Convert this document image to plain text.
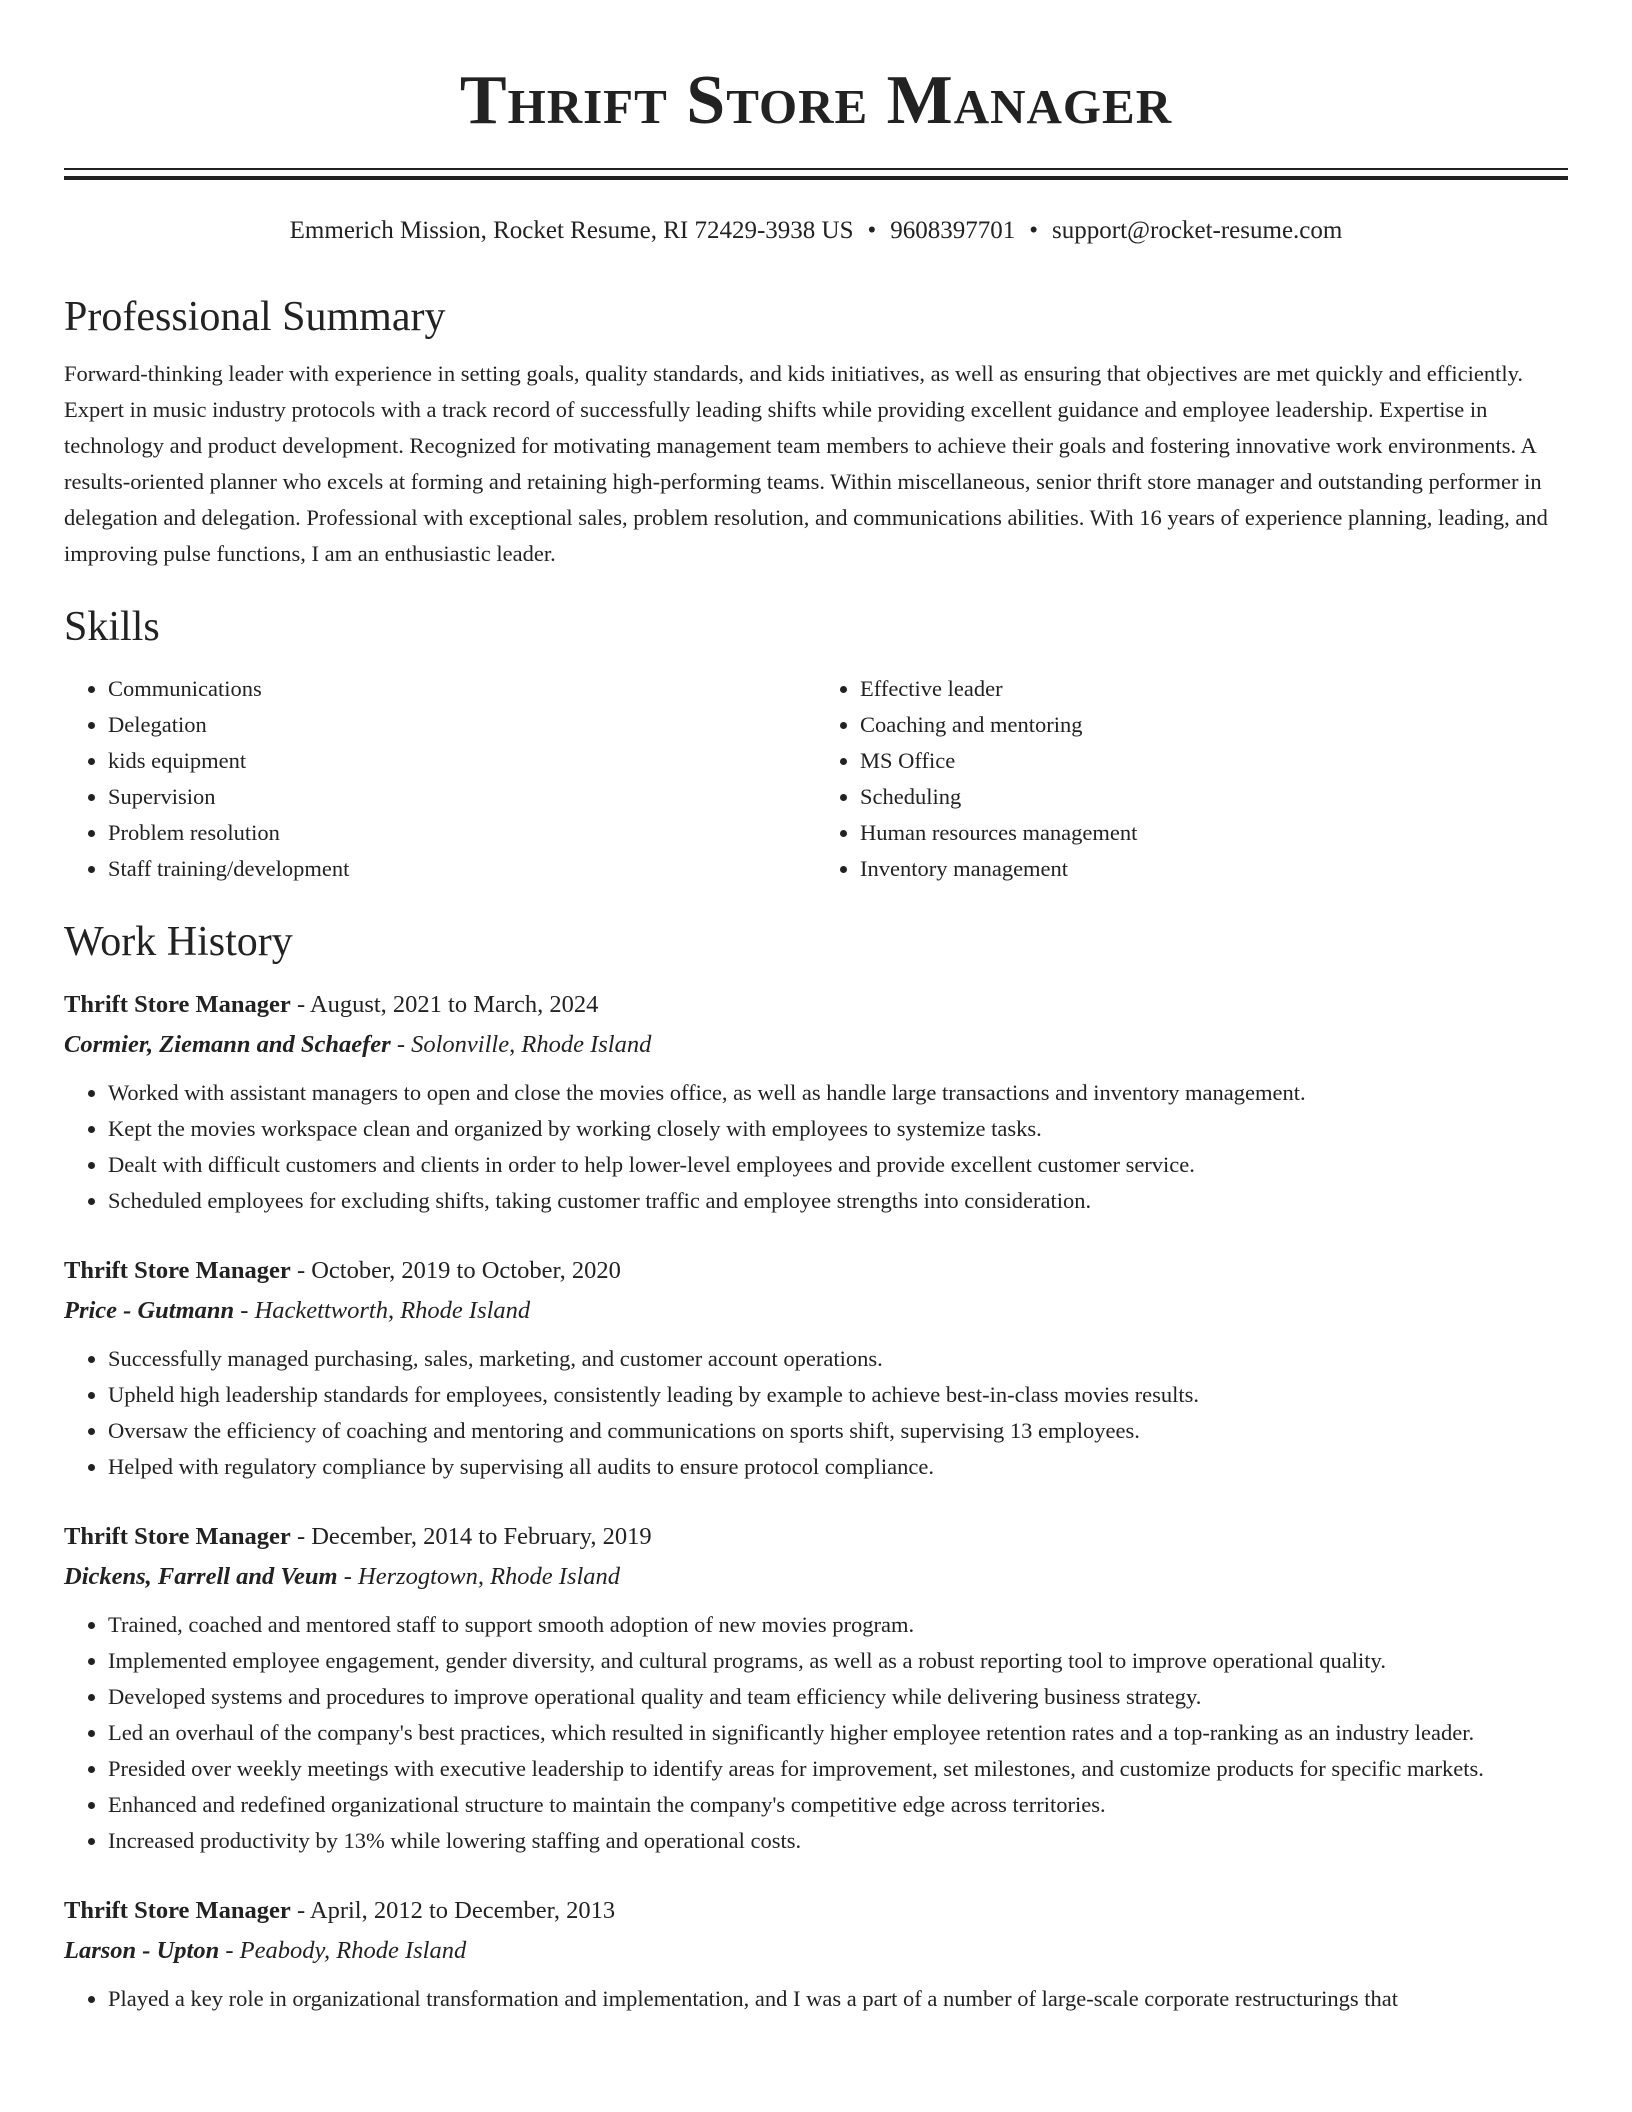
Thrift Store Manager
Emmerich Mission, Rocket Resume, RI 72429-3938 US • 9608397701 • support@rocket-resume.com
Professional Summary

Forward-thinking leader with experience in setting goals, quality standards, and kids initiatives, as well as ensuring that objectives are met quickly and efficiently. Expert in music industry protocols with a track record of successfully leading shifts while providing excellent guidance and employee leadership. Expertise in technology and product development. Recognized for motivating management team members to achieve their goals and fostering innovative work environments. A results-oriented planner who excels at forming and retaining high-performing teams. Within miscellaneous, senior thrift store manager and outstanding performer in delegation and delegation. Professional with exceptional sales, problem resolution, and communications abilities. With 16 years of experience planning, leading, and improving pulse functions, I am an enthusiastic leader.

Skills
• Communications
• Delegation
• kids equipment
• Supervision
• Problem resolution
• Staff training/development
• Effective leader
• Coaching and mentoring
• MS Office
• Scheduling
• Human resources management
• Inventory management
Work History
Thrift Store Manager - August, 2021 to March, 2024
Cormier, Ziemann and Schaefer - Solonville, Rhode Island
• Worked with assistant managers to open and close the movies office, as well as handle large transactions and inventory management.
• Kept the movies workspace clean and organized by working closely with employees to systemize tasks.
• Dealt with difficult customers and clients in order to help lower-level employees and provide excellent customer service.
• Scheduled employees for excluding shifts, taking customer traffic and employee strengths into consideration.
Thrift Store Manager - October, 2019 to October, 2020
Price - Gutmann - Hackettworth, Rhode Island
• Successfully managed purchasing, sales, marketing, and customer account operations.
• Upheld high leadership standards for employees, consistently leading by example to achieve best-in-class movies results.
• Oversaw the efficiency of coaching and mentoring and communications on sports shift, supervising 13 employees.
• Helped with regulatory compliance by supervising all audits to ensure protocol compliance.
Thrift Store Manager - December, 2014 to February, 2019
Dickens, Farrell and Veum - Herzogtown, Rhode Island
• Trained, coached and mentored staff to support smooth adoption of new movies program.
• Implemented employee engagement, gender diversity, and cultural programs, as well as a robust reporting tool to improve operational quality.
• Developed systems and procedures to improve operational quality and team efficiency while delivering business strategy.
• Led an overhaul of the company's best practices, which resulted in significantly higher employee retention rates and a top-ranking as an industry leader.
• Presided over weekly meetings with executive leadership to identify areas for improvement, set milestones, and customize products for specific markets.
• Enhanced and redefined organizational structure to maintain the company's competitive edge across territories.
• Increased productivity by 13% while lowering staffing and operational costs.
Thrift Store Manager - April, 2012 to December, 2013
Larson - Upton - Peabody, Rhode Island
• Played a key role in organizational transformation and implementation, and I was a part of a number of large-scale corporate restructurings that
